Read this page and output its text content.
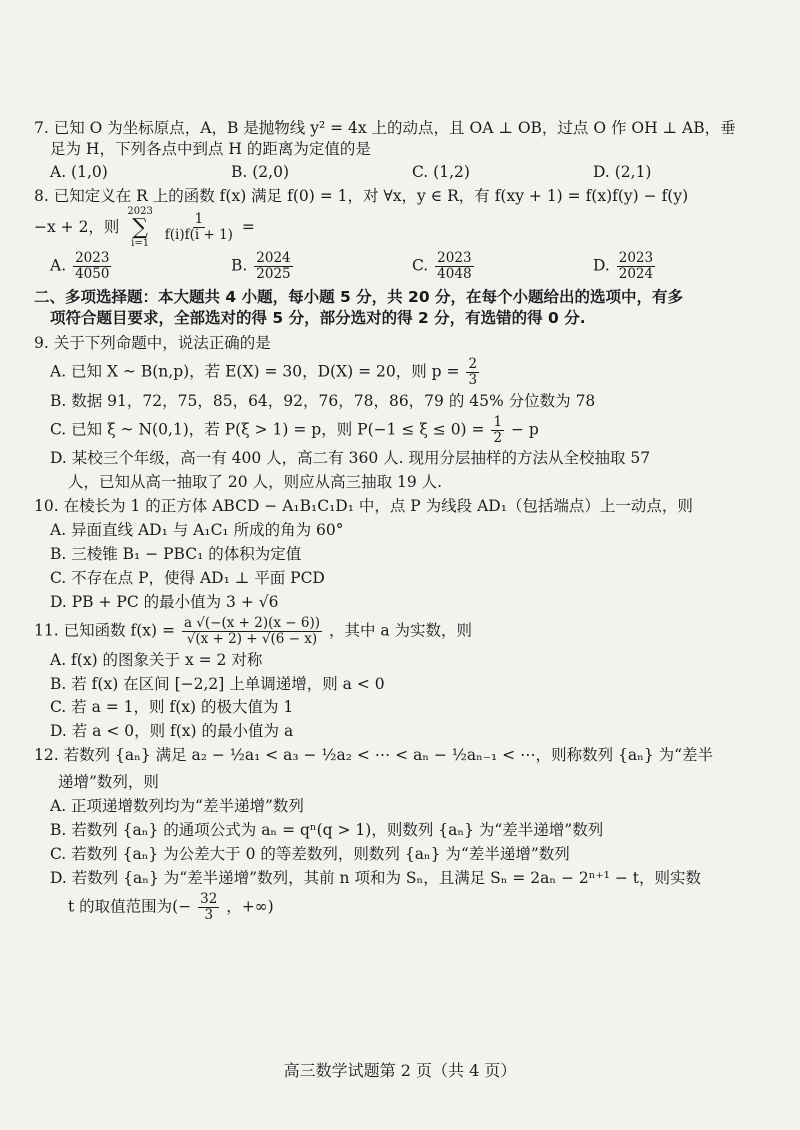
7. 已知 O 为坐标原点，A，B 是抛物线 y² = 4x 上的动点，且 OA ⊥ OB，过点 O 作 OH ⊥ AB，垂
足为 H，下列各点中到点 H 的距离为定值的是
A. (1,0)	B. (2,0)	C. (1,2)	D. (2,1)
8. 已知定义在 R 上的函数 f(x) 满足 f(0) = 1，对 ∀x，y ∈ R，有 f(xy + 1) = f(x)f(y) − f(y)
−x + 2，则
2023
∑
i=1

$\frac{1}{f(i)f(i + 1)}$ =
A. $\frac{2023}{4050}$	B. $\frac{2024}{2025}$	C. $\frac{2023}{4048}$	D. $\frac{2023}{2024}$
二、多项选择题：本大题共 4 小题，每小题 5 分，共 20 分，在每个小题给出的选项中，有多
项符合题目要求，全部选对的得 5 分，部分选对的得 2 分，有选错的得 0 分.
9. 关于下列命题中，说法正确的是
A. 已知 X ~ B(n,p)，若 E(X) = 30，D(X) = 20，则 $p = \frac{2}{3}$
B. 数据 91，72，75，85，64，92，76，78，86，79 的 45% 分位数为 78
C. 已知 ξ ~ N(0,1)，若 P(ξ > 1) = p，则 $P(-1 \le \xi \le 0) = \frac{1}{2} - p$
D. 某校三个年级，高一有 400 人，高二有 360 人. 现用分层抽样的方法从全校抽取 57
人，已知从高一抽取了 20 人，则应从高三抽取 19 人.
10. 在棱长为 1 的正方体 ABCD − A₁B₁C₁D₁ 中，点 P 为线段 AD₁（包括端点）上一动点，则
A. 异面直线 AD₁ 与 A₁C₁ 所成的角为 60°
B. 三棱锥 B₁ − PBC₁ 的体积为定值
C. 不存在点 P，使得 AD₁ ⊥ 平面 PCD
D. PB + PC 的最小值为 3 + √6
11. 已知函数 $f(x) = \frac{a √(-(x + 2)(x - 6))}{√(x + 2) + √(6 - x)}$ ，其中 a 为实数，则
A. f(x) 的图象关于 x = 2 对称
B. 若 f(x) 在区间 [−2,2] 上单调递增，则 a < 0
C. 若 a = 1，则 f(x) 的极大值为 1
D. 若 a < 0，则 f(x) 的最小值为 a
12. 若数列 {aₙ} 满足 a₂ − ½a₁ < a₃ − ½a₂ < ⋯ < aₙ − ½aₙ₋₁ < ⋯，则称数列 {aₙ} 为“差半
递增”数列，则
A. 正项递增数列均为“差半递增”数列
B. 若数列 {aₙ} 的通项公式为 aₙ = qⁿ(q > 1)，则数列 {aₙ} 为“差半递增”数列
C. 若数列 {aₙ} 为公差大于 0 的等差数列，则数列 {aₙ} 为“差半递增”数列
D. 若数列 {aₙ} 为“差半递增”数列，其前 n 项和为 Sₙ，且满足 Sₙ = 2aₙ − 2ⁿ⁺¹ − t，则实数
t 的取值范围为(− $\frac{32}{3}$ ，+∞)
高三数学试题第 2 页（共 4 页）
